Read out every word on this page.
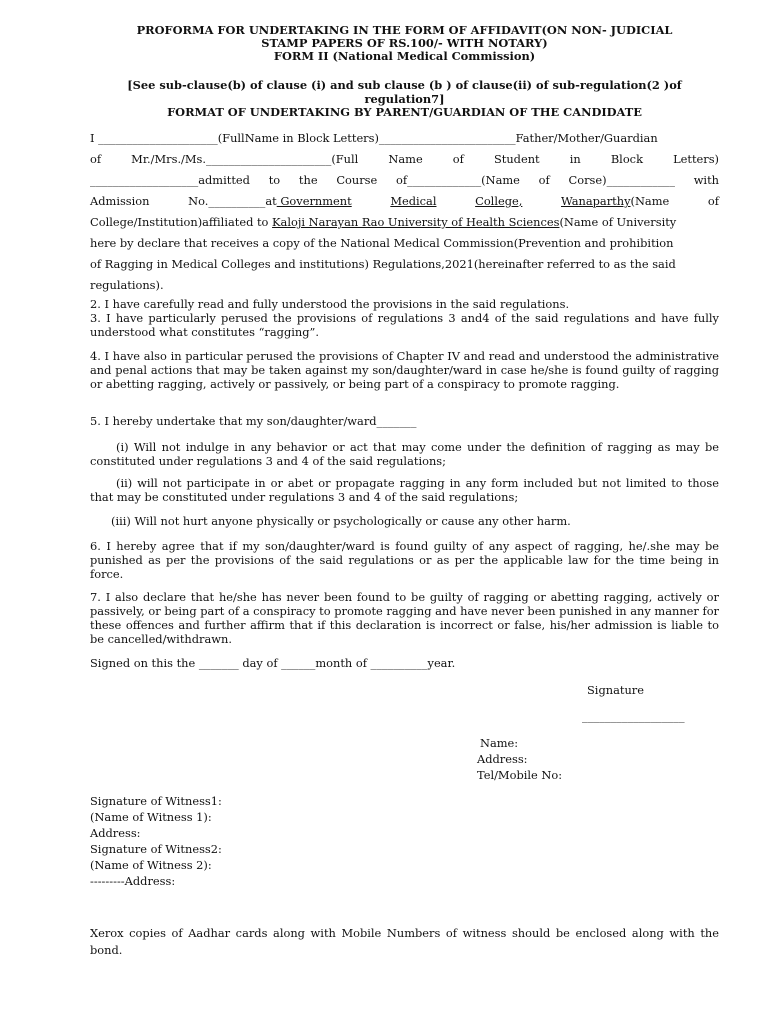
PROFORMA FOR UNDERTAKING IN THE FORM OF AFFIDAVIT(ON NON- JUDICIAL
STAMP PAPERS OF RS.100/- WITH NOTARY)
FORM II (National Medical Commission)
[See sub-clause(b) of clause (i) and sub clause (b ) of clause(ii) of sub-regulation(2 )of regulation7]
FORMAT OF UNDERTAKING BY PARENT/GUARDIAN OF THE CANDIDATE
I _____________________(FullName in Block Letters)________________________Father/Mother/Guardian
of	Mr./Mrs./Ms.______________________(Full	Name	of	Student	in	Block	Letters)
___________________admitted to the Course of_____________(Name of Corse)____________ with
Admission	No.__________at Government	Medical	College,	Wanaparthy(Name	of
College/Institution)affiliated to Kaloji Narayan Rao University of Health Sciences(Name of University
here by declare that receives a copy of the National Medical Commission(Prevention and prohibition
of Ragging in Medical Colleges and institutions) Regulations,2021(hereinafter referred to as the said
regulations).
2. I have carefully read and fully understood the provisions in the said regulations.
3. I have particularly perused the provisions of regulations 3 and4 of the said regulations and have fully understood what constitutes “ragging”.
4. I have also in particular perused the provisions of Chapter IV and read and understood the administrative and penal actions that may be taken against my son/daughter/ward in case he/she is found guilty of ragging or abetting ragging, actively or passively, or being part of a conspiracy to promote ragging.
5. I hereby undertake that my son/daughter/ward_______
(i) Will not indulge in any behavior or act that may come under the definition of ragging as may be constituted under regulations 3 and 4 of the said regulations;
(ii) will not participate in or abet or propagate ragging in any form included but not limited to those that may be constituted under regulations 3 and 4 of the said regulations;
(iii) Will not hurt anyone physically or psychologically or cause any other harm.
6. I hereby agree that if my son/daughter/ward is found guilty of any aspect of ragging, he/.she may be punished as per the provisions of the said regulations or as per the applicable law for the time being in force.
7. I also declare that he/she has never been found to be guilty of ragging or abetting ragging, actively or passively, or being part of a conspiracy to promote ragging and have never been punished in any manner for these offences and further affirm that if this declaration is incorrect or false, his/her admission is liable to be cancelled/withdrawn.
Signed on this the _______ day of ______month of __________year.
Signature
__________________
Name:
Address:
Tel/Mobile No:
Signature of Witness1:
(Name of Witness 1):
Address:
Signature of Witness2:
(Name of Witness 2):
---------Address:
Xerox copies of Aadhar cards along with Mobile Numbers of witness should be enclosed along with the bond.
